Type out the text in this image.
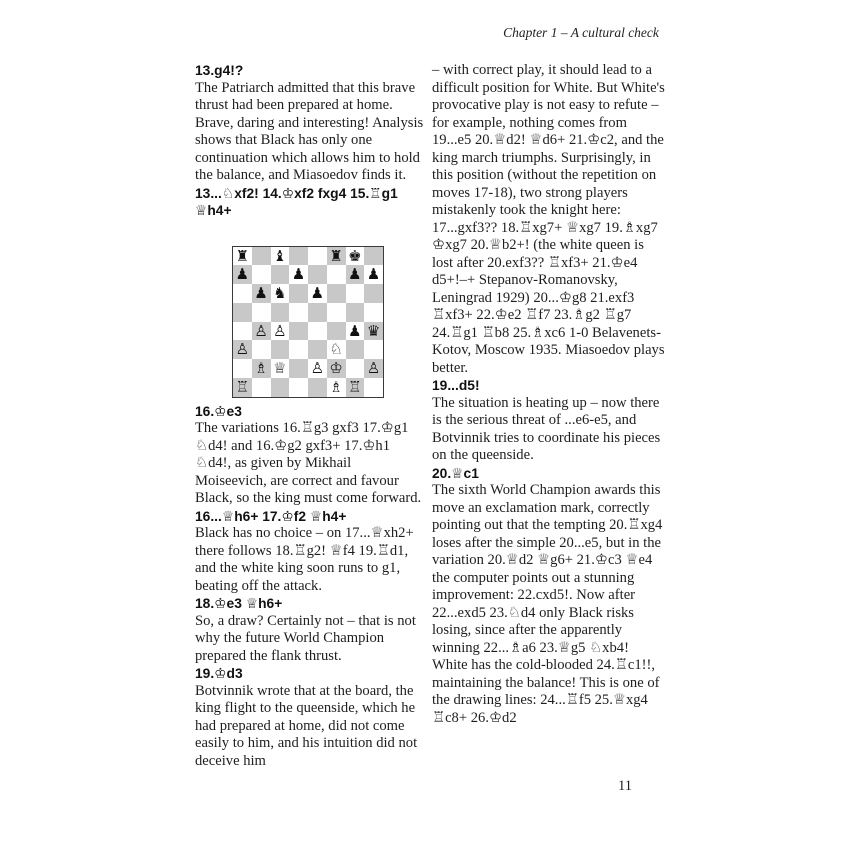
Chapter 1 – A cultural check
13.g4!?
The Patriarch admitted that this brave thrust had been prepared at home. Brave, daring and interesting! Analysis shows that Black has only one continuation which allows him to hold the balance, and Miasoedov finds it.
13...♘xf2! 14.♔xf2 fxg4 15.♖g1 ♕h4+
♜ ♝	♜ ♚
♟	♟	♟ ♟
♟ ♞ ♟
♙ ♙	♟ ♛
♙	♘
♗ ♕ ♙ ♔ ♙
♖	♗ ♖
16.♔e3
The variations 16.♖g3 gxf3 17.♔g1 ♘d4! and 16.♔g2 gxf3+ 17.♔h1 ♘d4!, as given by Mikhail Moiseevich, are correct and favour Black, so the king must come forward.
16...♕h6+ 17.♔f2 ♕h4+
Black has no choice – on 17...♕xh2+ there follows 18.♖g2! ♕f4 19.♖d1, and the white king soon runs to g1, beating off the attack.
18.♔e3 ♕h6+
So, a draw? Certainly not – that is not why the future World Champion prepared the flank thrust.
19.♔d3
Botvinnik wrote that at the board, the king flight to the queenside, which he had prepared at home, did not come easily to him, and his intuition did not deceive him
– with correct play, it should lead to a difficult position for White. But White's provocative play is not easy to refute – for example, nothing comes from 19...e5 20.♕d2! ♕d6+ 21.♔c2, and the king march triumphs. Surprisingly, in this position (without the repetition on moves 17-18), two strong players mistakenly took the knight here: 17...gxf3?? 18.♖xg7+ ♕xg7 19.♗xg7 ♔xg7 20.♕b2+! (the white queen is lost after 20.exf3?? ♖xf3+ 21.♔e4 d5+!–+ Stepanov-Romanovsky, Leningrad 1929) 20...♔g8 21.exf3 ♖xf3+ 22.♔e2 ♖f7 23.♗g2 ♖g7 24.♖g1 ♖b8 25.♗xc6 1-0 Belavenets-Kotov, Moscow 1935. Miasoedov plays better.
19...d5!
The situation is heating up – now there is the serious threat of ...e6-e5, and Botvinnik tries to coordinate his pieces on the queenside.
20.♕c1
The sixth World Champion awards this move an exclamation mark, correctly pointing out that the tempting 20.♖xg4 loses after the simple 20...e5, but in the variation 20.♕d2 ♕g6+ 21.♔c3 ♕e4 the computer points out a stunning improvement: 22.cxd5!. Now after 22...exd5 23.♘d4 only Black risks losing, since after the apparently winning 22...♗a6 23.♕g5 ♘xb4! White has the cold-blooded 24.♖c1!!, maintaining the balance! This is one of the drawing lines: 24...♖f5 25.♕xg4 ♖c8+ 26.♔d2
11
